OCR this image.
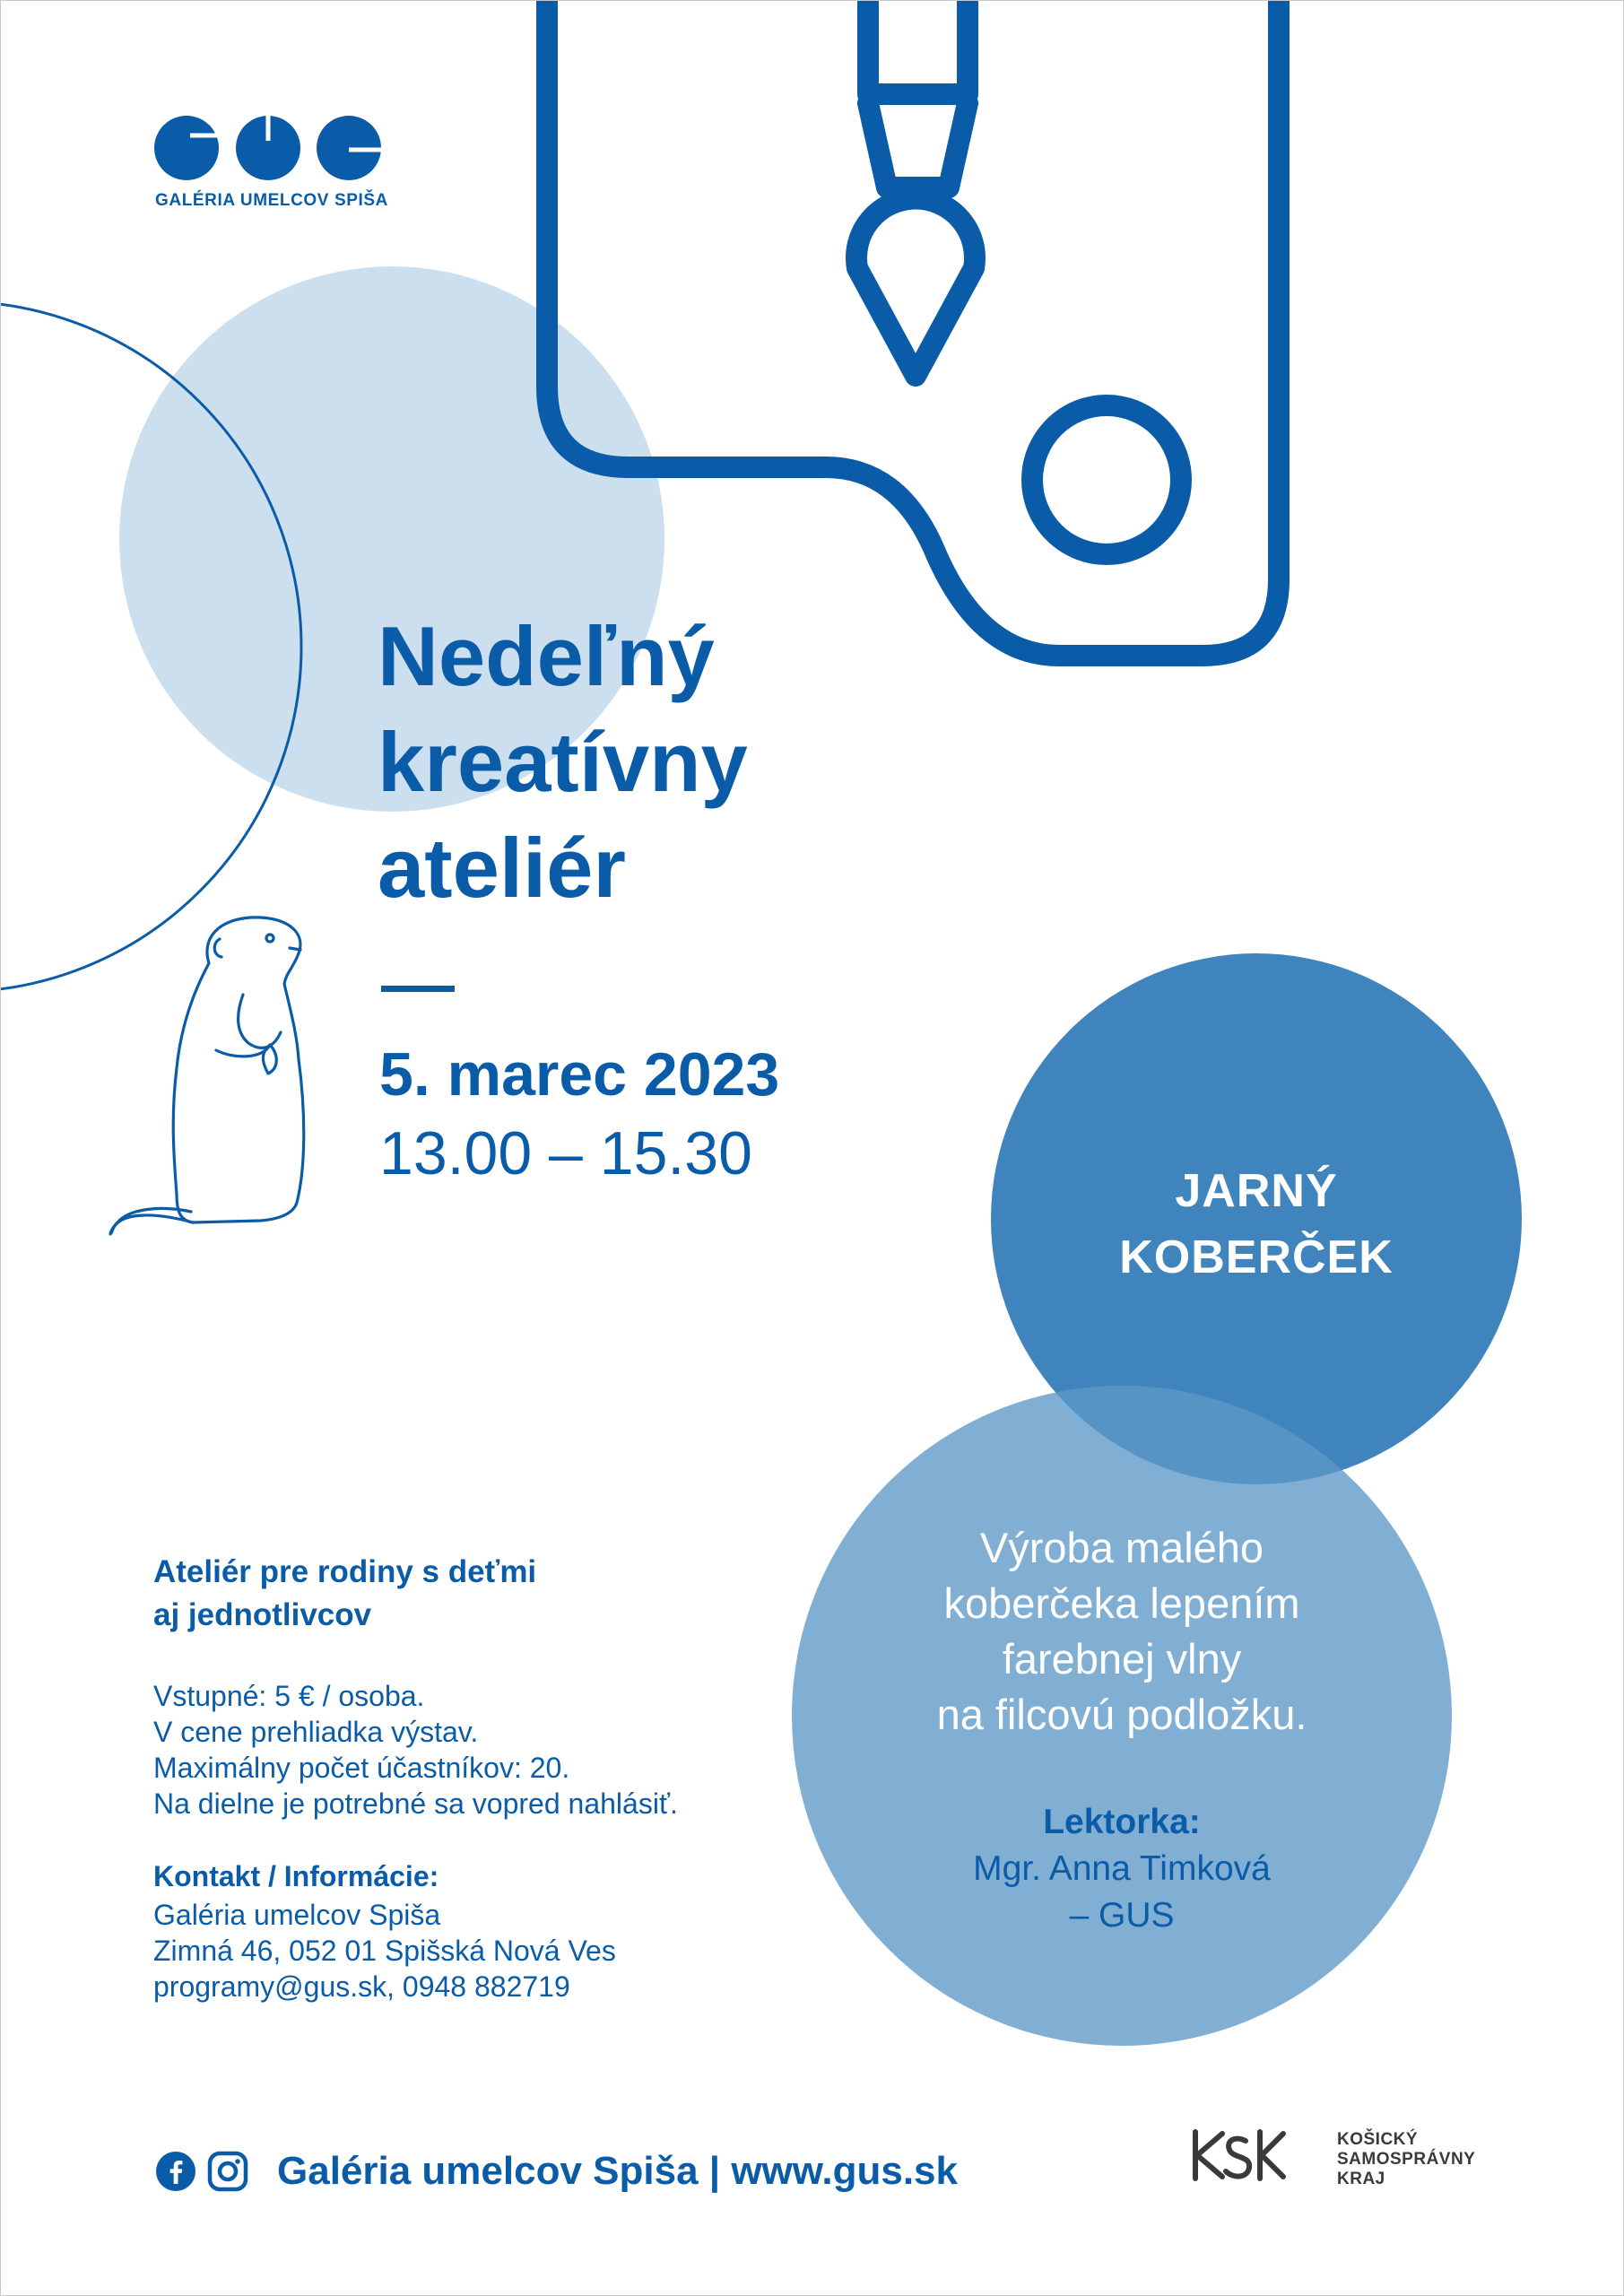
GALÉRIA UMELCOV SPIŠA
Nedeľný
kreatívny
ateliér
5. marec 2023
13.00 – 15.30
JARNÝ
KOBERČEK
Výroba malého
koberčeka lepením
farebnej vlny
na filcovú podložku.
Lektorka:
Mgr. Anna Timková
– GUS
Ateliér pre rodiny s deťmi
aj jednotlivcov
Vstupné: 5 € / osoba.
V cene prehliadka výstav.
Maximálny počet účastníkov: 20.
Na dielne je potrebné sa vopred nahlásiť.
Kontakt / Informácie:
Galéria umelcov Spiša
Zimná 46, 052 01 Spišská Nová Ves
programy@gus.sk, 0948 882719
Galéria umelcov Spiša | www.gus.sk
KOŠICKÝ
SAMOSPRÁVNY
KRAJ
